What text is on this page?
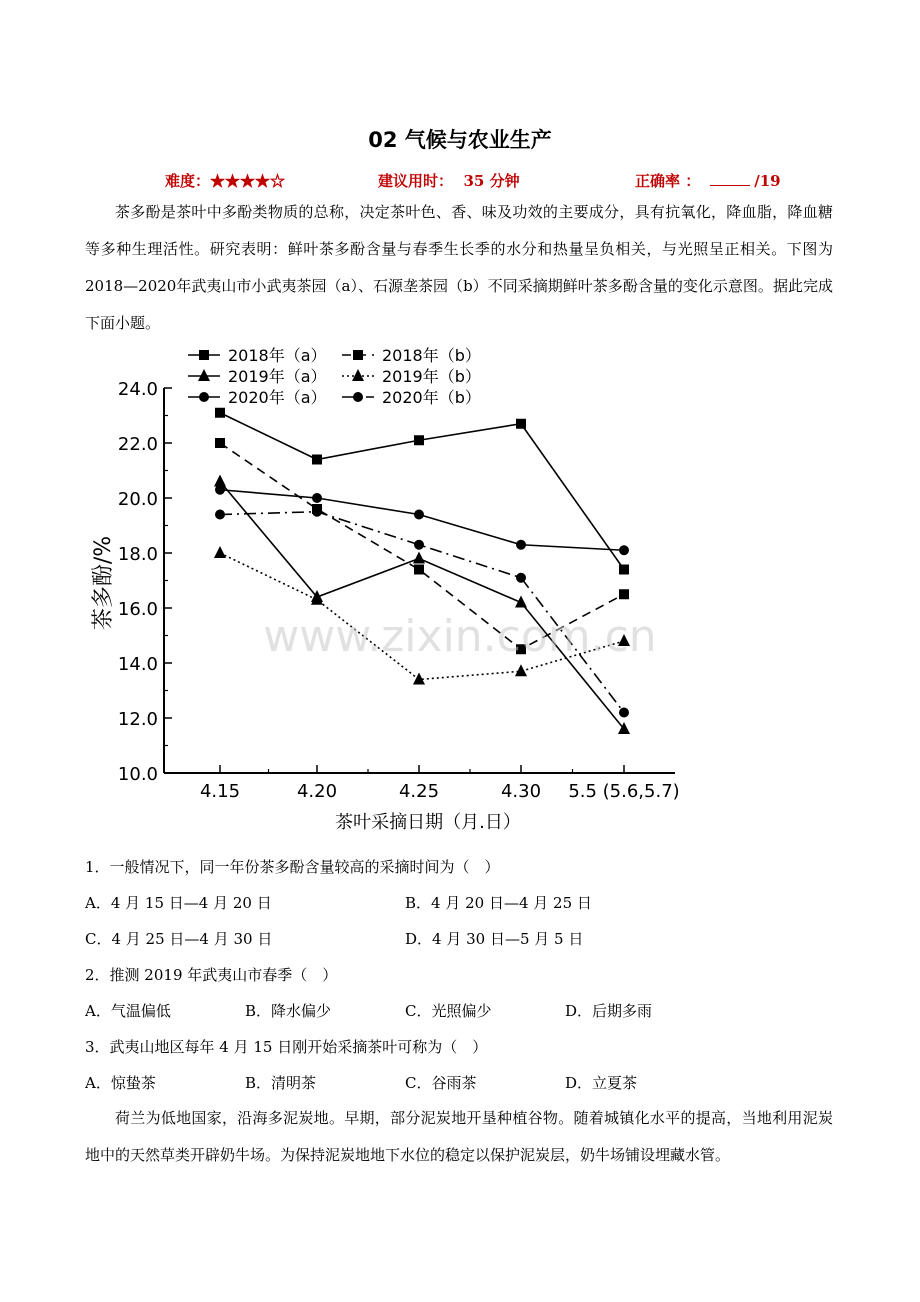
02 气候与农业生产
难度：★★★★☆	建议用时： 35 分钟	正确率 ：	/19

茶多酚是茶叶中多酚类物质的总称，决定茶叶色、香、味及功效的主要成分，具有抗氧化，降血脂，降血糖等多种生理活性。研究表明：鲜叶茶多酚含量与春季生长季的水分和热量呈负相关，与光照呈正相关。下图为2018—2020年武夷山市小武夷茶园（a）、石源垄茶园（b）不同采摘期鲜叶茶多酚含量的变化示意图。据此完成下面小题。

2018年（a）	2018年（b）
2019年（a）	2019年（b）
2020年（a）	2020年（b）
10.0
12.0
14.0
16.0
18.0
20.0
22.0
24.0
4.15	4.20	4.25	4.30 5.5 (5.6,5.7)
www.zixin.com.cn
茶多酚/%
茶叶采摘日期（月.日）
1．一般情况下，同一年份茶多酚含量较高的采摘时间为（　）
A．4 月 15 日—4 月 20 日	B．4 月 20 日—4 月 25 日
C．4 月 25 日—4 月 30 日	D．4 月 30 日—5 月 5 日
2．推测 2019 年武夷山市春季（　）
A．气温偏低	B．降水偏少	C．光照偏少	D．后期多雨
3．武夷山地区每年 4 月 15 日刚开始采摘茶叶可称为（　）
A．惊蛰茶	B．清明茶	C．谷雨茶	D．立夏茶

荷兰为低地国家，沿海多泥炭地。早期，部分泥炭地开垦种植谷物。随着城镇化水平的提高，当地利用泥炭地中的天然草类开辟奶牛场。为保持泥炭地地下水位的稳定以保护泥炭层，奶牛场铺设埋藏水管。
